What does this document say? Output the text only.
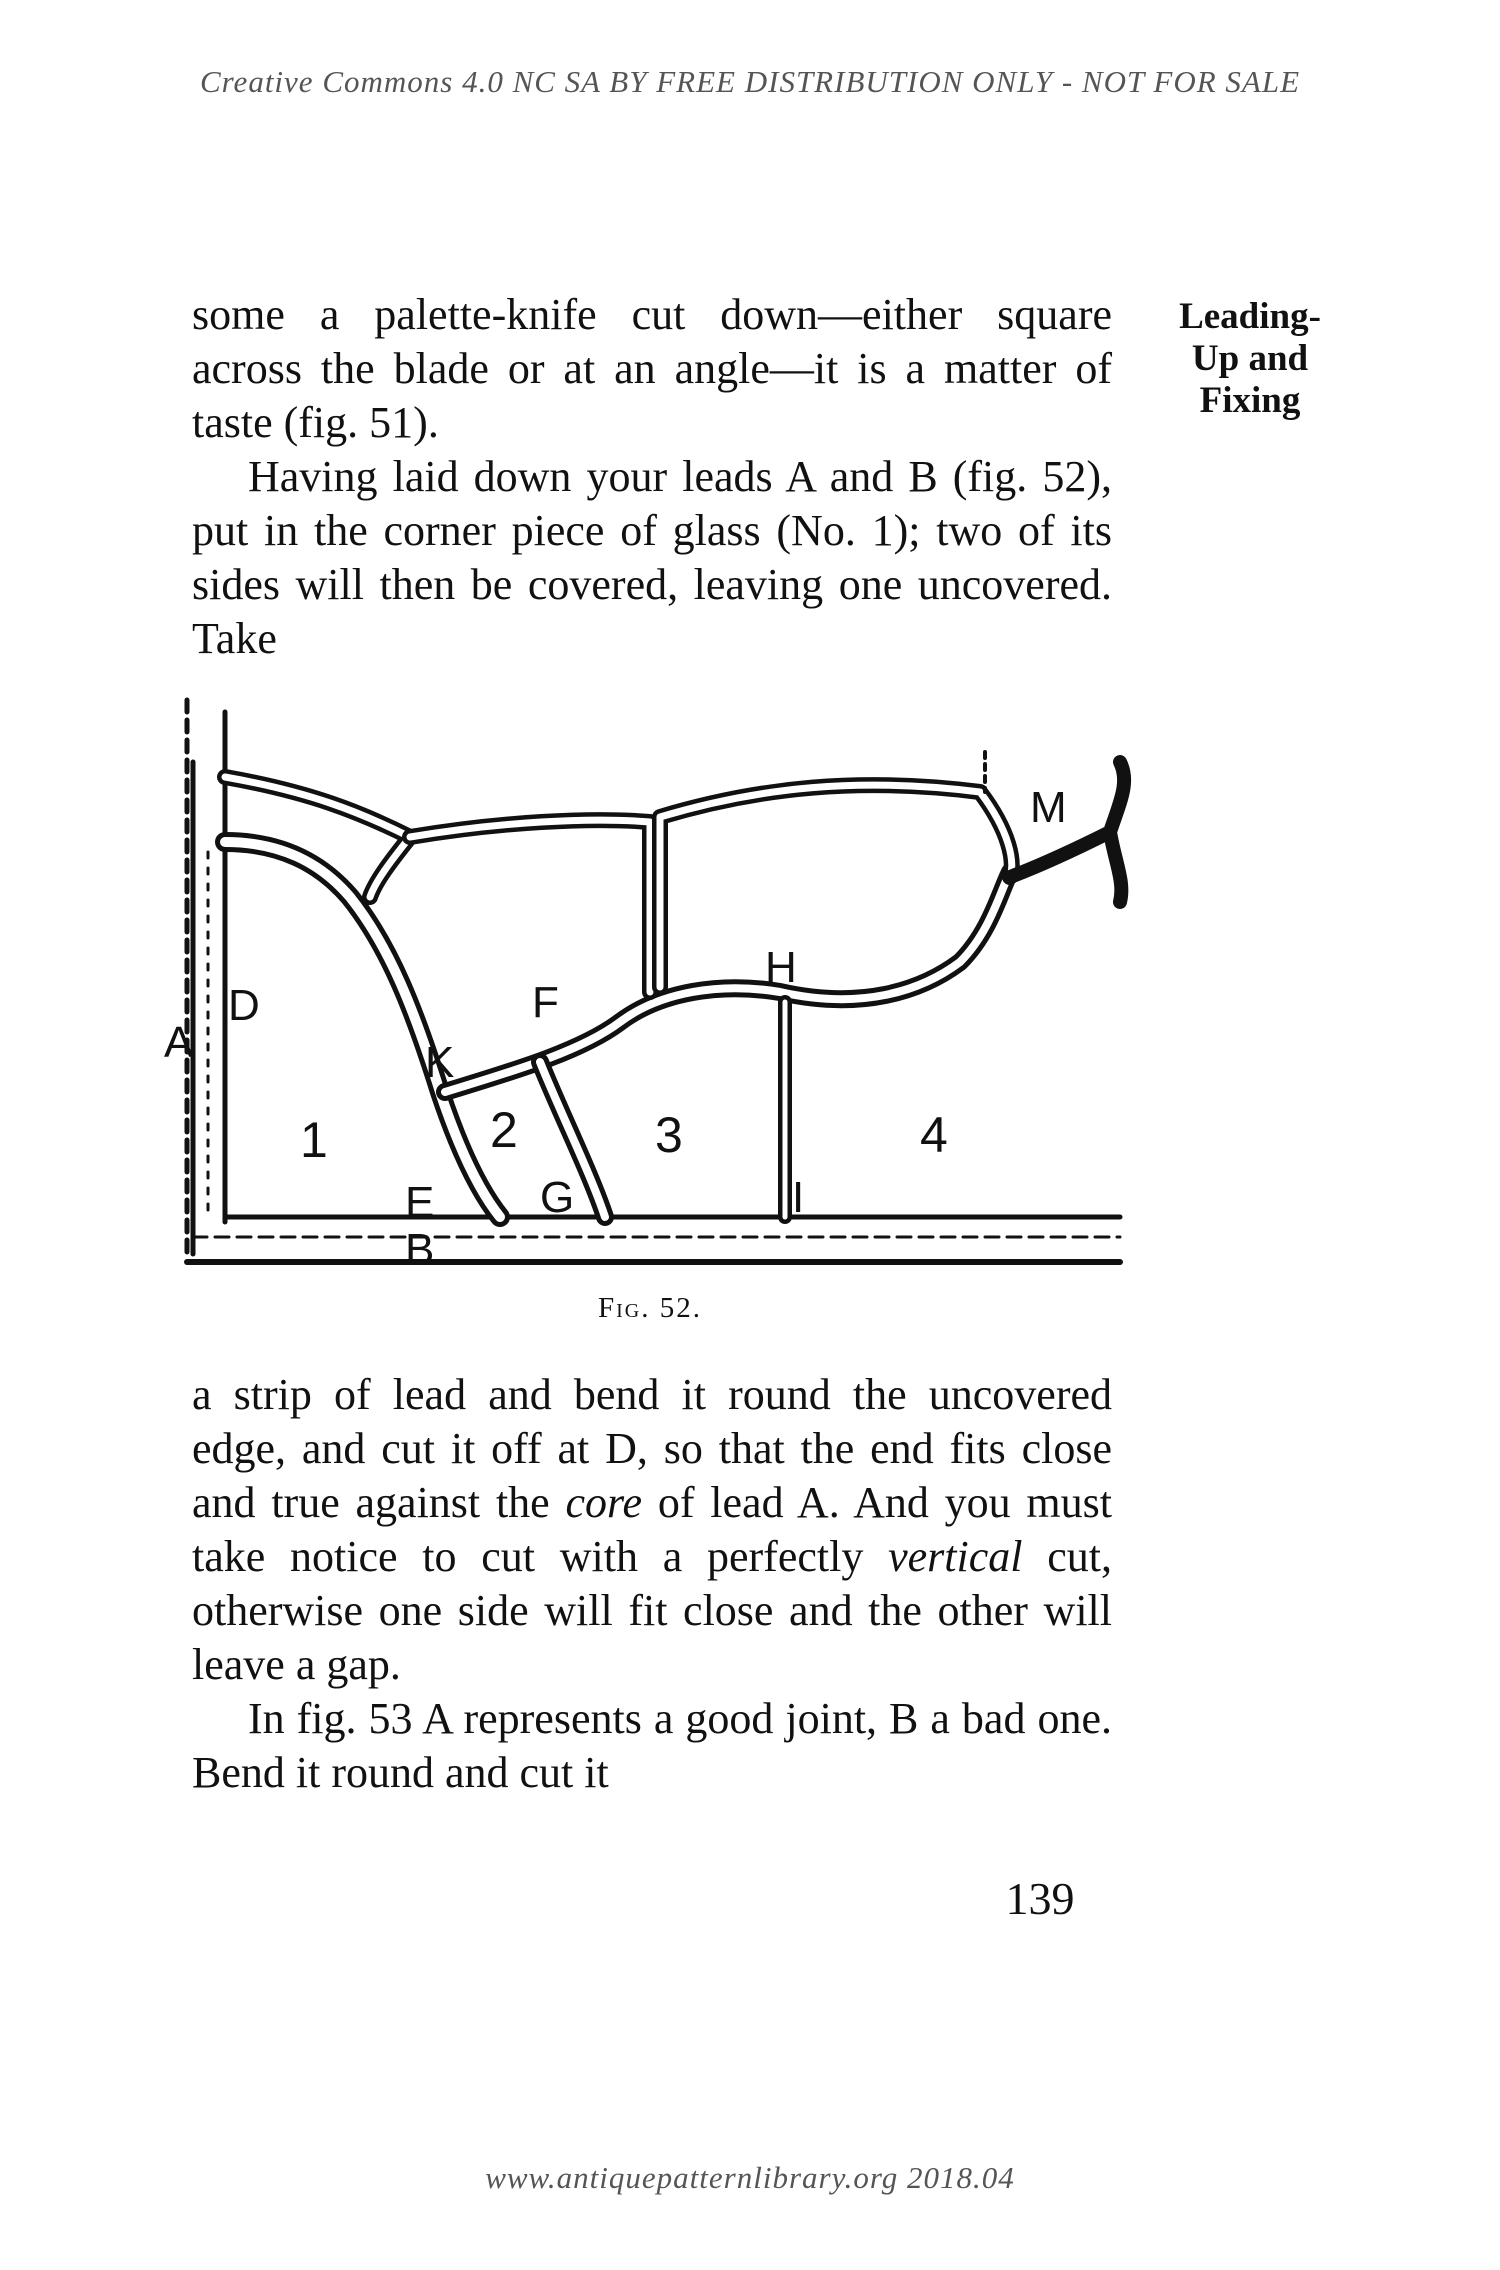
Creative Commons 4.0 NC SA BY FREE DISTRIBUTION ONLY - NOT FOR SALE
Leading-
Up and
Fixing

some a palette-knife cut down—either square across the blade or at an angle—it is a matter of taste (fig. 51).

Having laid down your leads A and B (fig. 52), put in the corner piece of glass (No. 1); two of its sides will then be covered, leaving one uncovered. Take

A
D
E
B
K
F
G
H
I
M
1	2	3	4
Fig. 52.

a strip of lead and bend it round the uncovered edge, and cut it off at D, so that the end fits close and true against the core of lead A. And you must take notice to cut with a perfectly vertical cut, otherwise one side will fit close and the other will leave a gap.

In fig. 53 A represents a good joint, B a bad one. Bend it round and cut it

139
www.antiquepatternlibrary.org 2018.04
